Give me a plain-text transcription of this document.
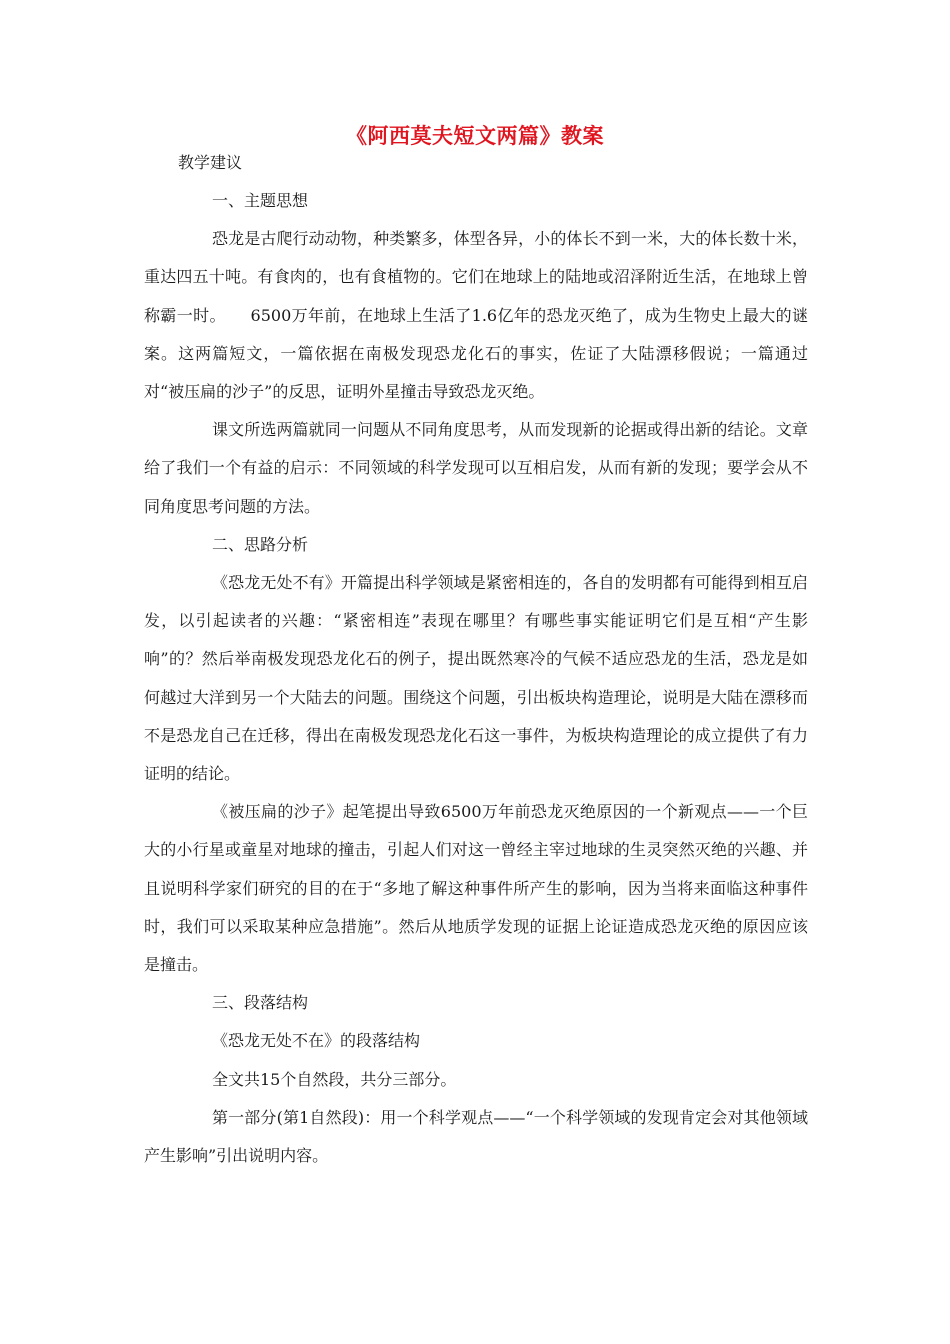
《阿西莫夫短文两篇》教案
教学建议

一、主题思想

恐龙是古爬行动动物，种类繁多，体型各异，小的体长不到一米，大的体长数十米，重达四五十吨。有食肉的，也有食植物的。它们在地球上的陆地或沼泽附近生活，在地球上曾称霸一时。　　6500万年前，在地球上生活了1.6亿年的恐龙灭绝了，成为生物史上最大的谜案。这两篇短文，一篇依据在南极发现恐龙化石的事实，佐证了大陆漂移假说；一篇通过对“被压扁的沙子”的反思，证明外星撞击导致恐龙灭绝。

课文所选两篇就同一问题从不同角度思考，从而发现新的论据或得出新的结论。文章给了我们一个有益的启示：不同领域的科学发现可以互相启发，从而有新的发现；要学会从不同角度思考问题的方法。

二、思路分析

《恐龙无处不有》开篇提出科学领域是紧密相连的，各自的发明都有可能得到相互启发，以引起读者的兴趣：“紧密相连”表现在哪里？有哪些事实能证明它们是互相“产生影响”的？然后举南极发现恐龙化石的例子，提出既然寒冷的气候不适应恐龙的生活，恐龙是如何越过大洋到另一个大陆去的问题。围绕这个问题，引出板块构造理论，说明是大陆在漂移而不是恐龙自己在迁移，得出在南极发现恐龙化石这一事件，为板块构造理论的成立提供了有力证明的结论。

《被压扁的沙子》起笔提出导致6500万年前恐龙灭绝原因的一个新观点——一个巨大的小行星或童星对地球的撞击，引起人们对这一曾经主宰过地球的生灵突然灭绝的兴趣、并且说明科学家们研究的目的在于“多地了解这种事件所产生的影响，因为当将来面临这种事件时，我们可以采取某种应急措施”。然后从地质学发现的证据上论证造成恐龙灭绝的原因应该是撞击。

三、段落结构

《恐龙无处不在》的段落结构

全文共15个自然段，共分三部分。

第一部分(第1自然段)：用一个科学观点——“一个科学领域的发现肯定会对其他领域产生影响”引出说明内容。
